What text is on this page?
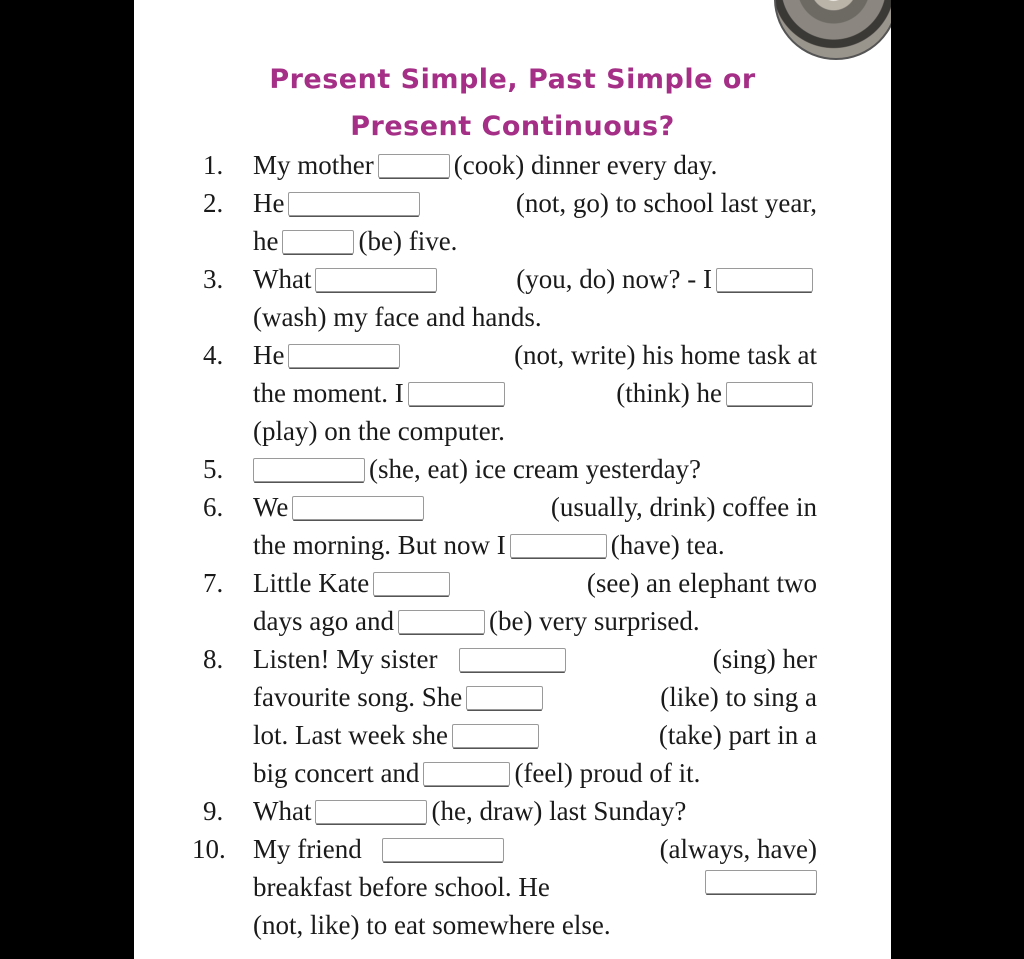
Present Simple, Past Simple or
Present Continuous?
1. My mother	(cook) dinner every day.
2. He	(not, go) to school last year,
he	(be) five.
3. What	(you, do) now? - I
(wash) my face and hands.
4. He	(not, write) his home task at
the moment. I	(think) he
(play) on the computer.
5.	(she, eat) ice cream yesterday?
6. We	(usually, drink) coffee in
the morning. But now I	(have) tea.
7. Little Kate	(see) an elephant two
days ago and	(be) very surprised.
8. Listen! My sister	(sing) her
favourite song. She	(like) to sing a
lot. Last week she	(take) part in a
big concert and	(feel) proud of it.
9. What	(he, draw) last Sunday?
10. My friend	(always, have)
breakfast before school. He
(not, like) to eat somewhere else.
